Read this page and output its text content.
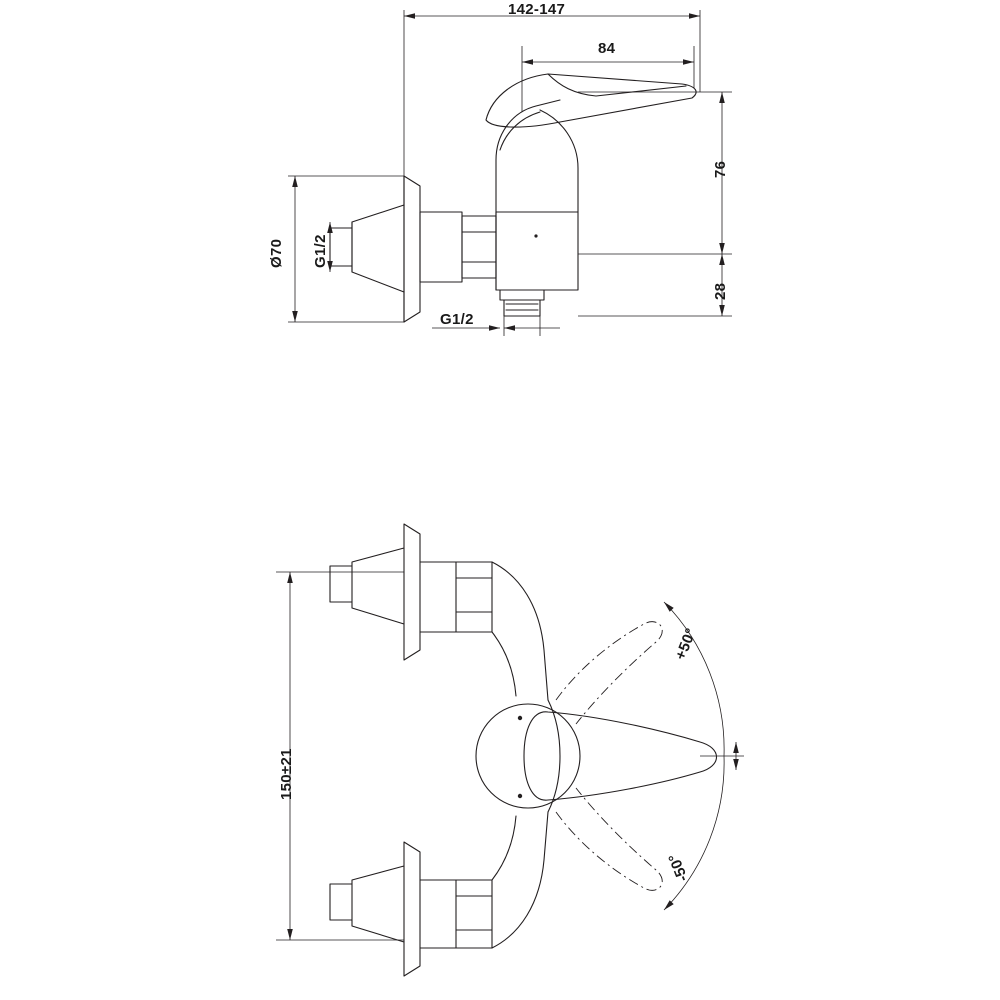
142-147
84
76
28
Ø70 G1/2
G1/2
150±21
+50°
-50°
